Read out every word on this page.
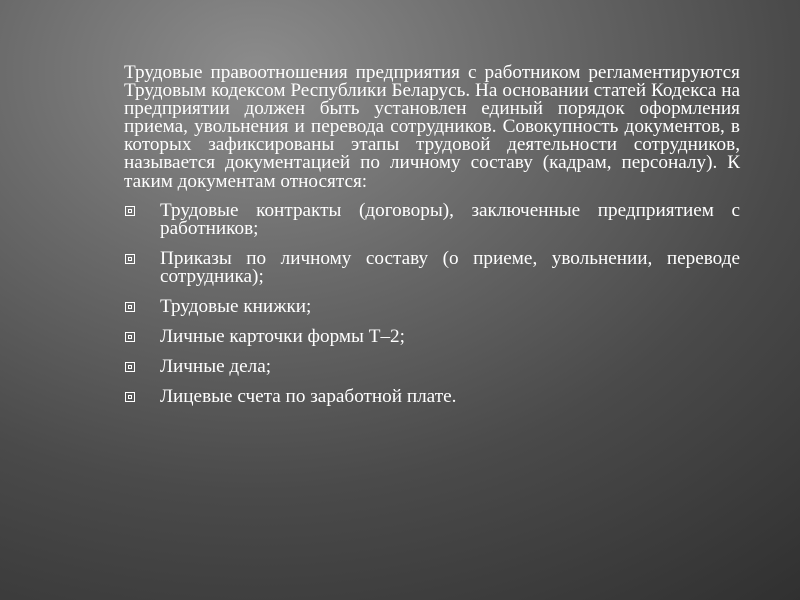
Трудовые правоотношения предприятия с работником регламентируются Трудовым кодексом Республики Беларусь. На основании статей Кодекса на предприятии должен быть установлен единый порядок оформления приема, увольнения и перевода сотрудников. Совокупность документов, в которых зафиксированы этапы трудовой деятельности сотрудников, называется документацией по личному составу (кадрам, персоналу). К таким документам относятся:

Трудовые контракты (договоры), заключенные предприятием с работников;
Приказы по личному составу (о приеме, увольнении, переводе сотрудника);
Трудовые книжки;
Личные карточки формы Т–2;
Личные дела;
Лицевые счета по заработной плате.
